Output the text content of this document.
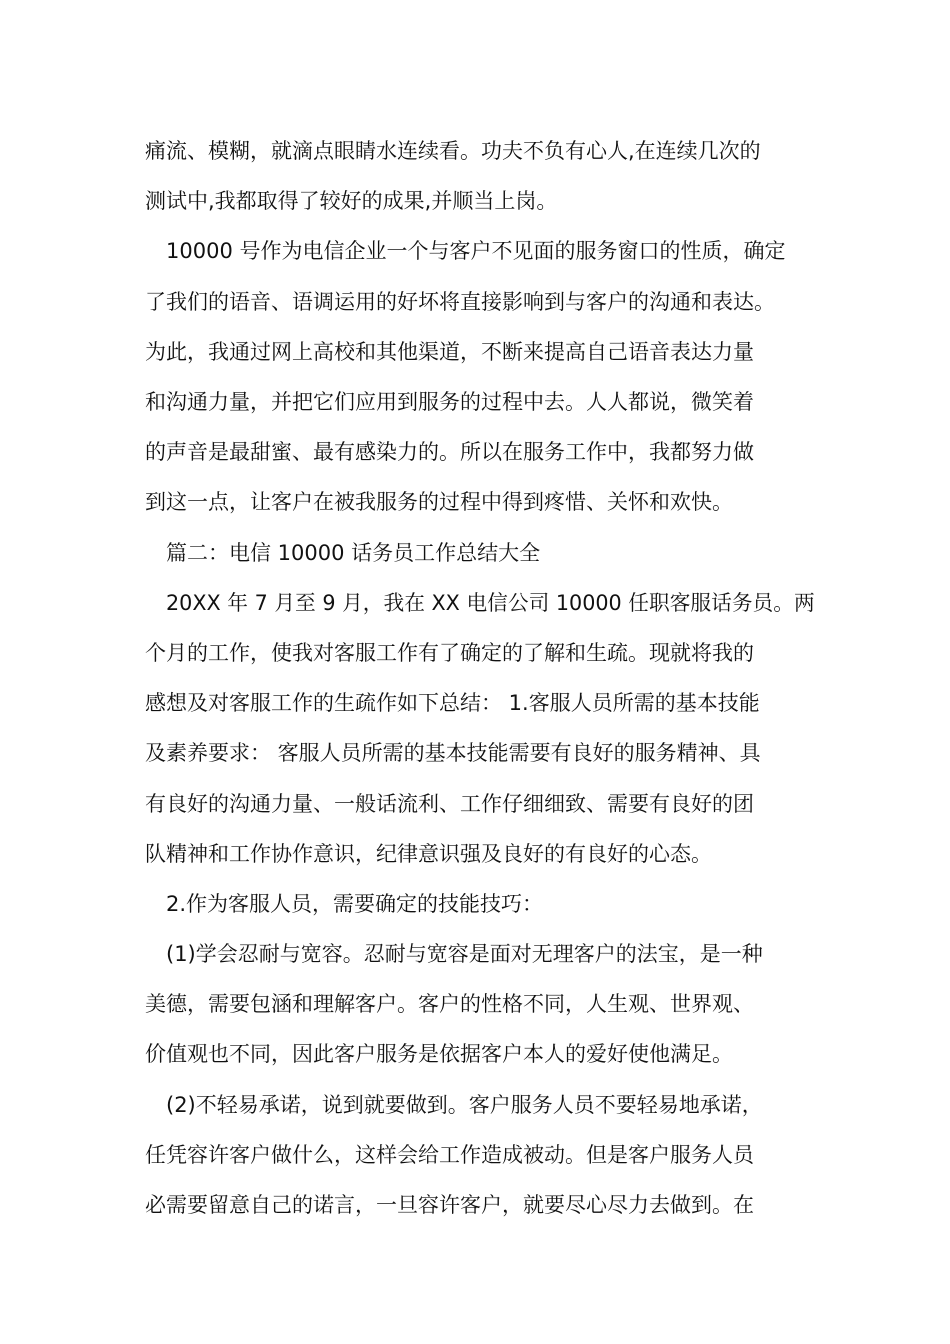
痛流、模糊，就滴点眼睛水连续看。功夫不负有心人,在连续几次的
测试中,我都取得了较好的成果,并顺当上岗。
10000 号作为电信企业一个与客户不见面的服务窗口的性质，确定
了我们的语音、语调运用的好坏将直接影响到与客户的沟通和表达。
为此，我通过网上高校和其他渠道，不断来提高自己语音表达力量
和沟通力量，并把它们应用到服务的过程中去。人人都说，微笑着
的声音是最甜蜜、最有感染力的。所以在服务工作中，我都努力做
到这一点，让客户在被我服务的过程中得到疼惜、关怀和欢快。
篇二：电信 10000 话务员工作总结大全
20XX 年 7 月至 9 月，我在 XX 电信公司 10000 任职客服话务员。两
个月的工作，使我对客服工作有了确定的了解和生疏。现就将我的
感想及对客服工作的生疏作如下总结： 1.客服人员所需的基本技能
及素养要求： 客服人员所需的基本技能需要有良好的服务精神、具
有良好的沟通力量、一般话流利、工作仔细细致、需要有良好的团
队精神和工作协作意识，纪律意识强及良好的有良好的心态。
2.作为客服人员，需要确定的技能技巧：
(1)学会忍耐与宽容。忍耐与宽容是面对无理客户的法宝，是一种
美德，需要包涵和理解客户。客户的性格不同，人生观、世界观、
价值观也不同，因此客户服务是依据客户本人的爱好使他满足。
(2)不轻易承诺，说到就要做到。客户服务人员不要轻易地承诺，
任凭容许客户做什么，这样会给工作造成被动。但是客户服务人员
必需要留意自己的诺言，一旦容许客户，就要尽心尽力去做到。在
